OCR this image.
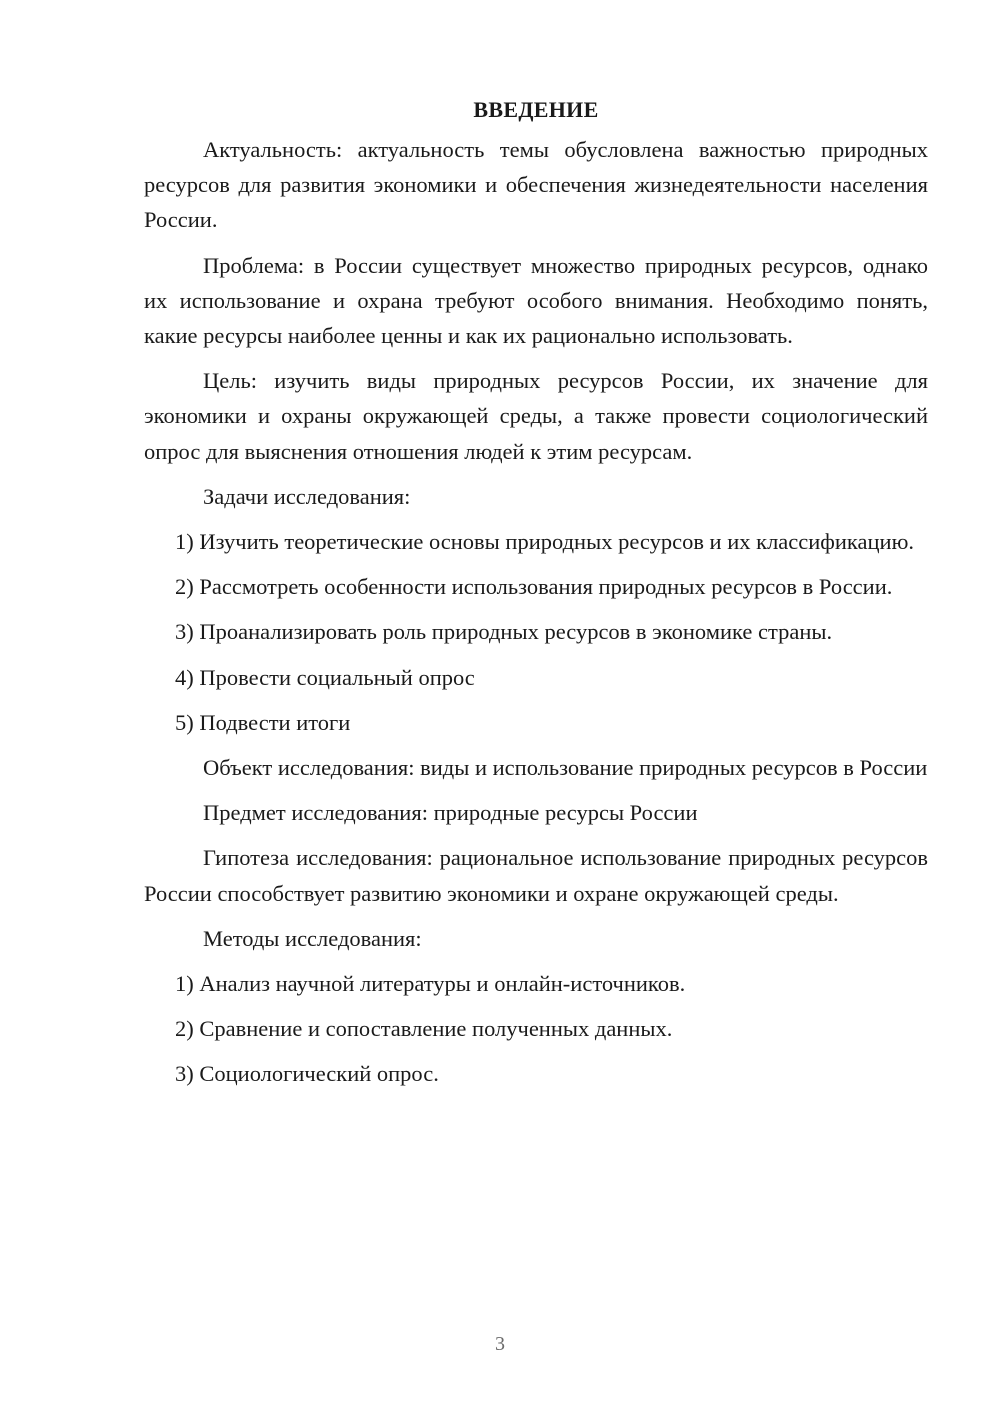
ВВЕДЕНИЕ

Актуальность: актуальность темы обусловлена важностью природных ресурсов для развития экономики и обеспечения жизнедеятельности населения России.

Проблема: в России существует множество природных ресурсов, однако их использование и охрана требуют особого внимания. Необходимо понять, какие ресурсы наиболее ценны и как их рационально использовать.

Цель: изучить виды природных ресурсов России, их значение для экономики и охраны окружающей среды, а также провести социологический опрос для выяснения отношения людей к этим ресурсам.

Задачи исследования:

1) Изучить теоретические основы природных ресурсов и их классификацию.

2) Рассмотреть особенности использования природных ресурсов в России.

3) Проанализировать роль природных ресурсов в экономике страны.

4) Провести социальный опрос

5) Подвести итоги

Объект исследования: виды и использование природных ресурсов в России

Предмет исследования: природные ресурсы России

Гипотеза исследования: рациональное использование природных ресурсов России способствует развитию экономики и охране окружающей среды.

Методы исследования:

1) Анализ научной литературы и онлайн-источников.

2) Сравнение и сопоставление полученных данных.

3) Социологический опрос.

3
